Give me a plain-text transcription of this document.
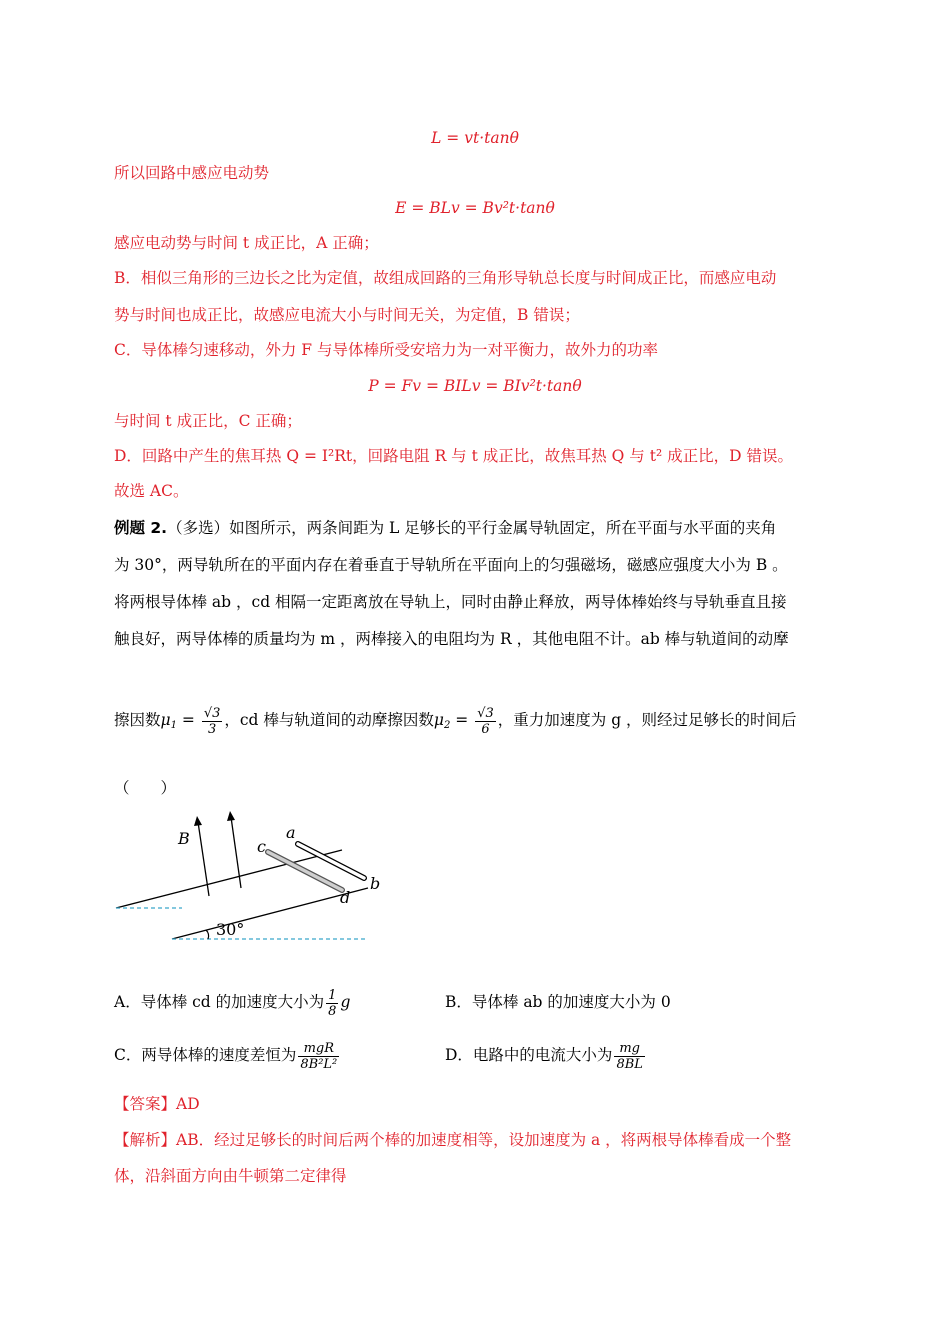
L = vt·tanθ
所以回路中感应电动势
E = BLv = Bv²t·tanθ
感应电动势与时间 t 成正比，A 正确；
B．相似三角形的三边长之比为定值，故组成回路的三角形导轨总长度与时间成正比，而感应电动
势与时间也成正比，故感应电流大小与时间无关，为定值，B 错误；
C．导体棒匀速移动，外力 F 与导体棒所受安培力为一对平衡力，故外力的功率
P = Fv = BILv = BIv²t·tanθ
与时间 t 成正比，C 正确；
D．回路中产生的焦耳热 Q = I²Rt，回路电阻 R 与 t 成正比，故焦耳热 Q 与 t² 成正比，D 错误。
故选 AC。
例题 2.（多选）如图所示，两条间距为 L 足够长的平行金属导轨固定，所在平面与水平面的夹角
为 30°，两导轨所在的平面内存在着垂直于导轨所在平面向上的匀强磁场，磁感应强度大小为 B 。
将两根导体棒 ab ，cd 相隔一定距离放在导轨上，同时由静止释放，两导体棒始终与导轨垂直且接
触良好，两导体棒的质量均为 m ，两棒接入的电阻均为 R ，其他电阻不计。ab 棒与轨道间的动摩
擦因数$\mu_1 = \frac{√3}{3}$ ，cd 棒与轨道间的动摩擦因数$\mu_2 = \frac{√3}{6}$ ，重力加速度为 g ，则经过足够长的时间后
（　　）
B	a
b
c
d
30°
A．导体棒 cd 的加速度大小为 $\frac{1}{8}$ g	B．导体棒 ab 的加速度大小为 0
C．两导体棒的速度差恒为 $\frac{\text{mgR}}{\text{8B²L²}}$	D．电路中的电流大小为 $\frac{mg}{8BL}$
【答案】AD
【解析】AB．经过足够长的时间后两个棒的加速度相等，设加速度为 a ，将两根导体棒看成一个整
体，沿斜面方向由牛顿第二定律得
